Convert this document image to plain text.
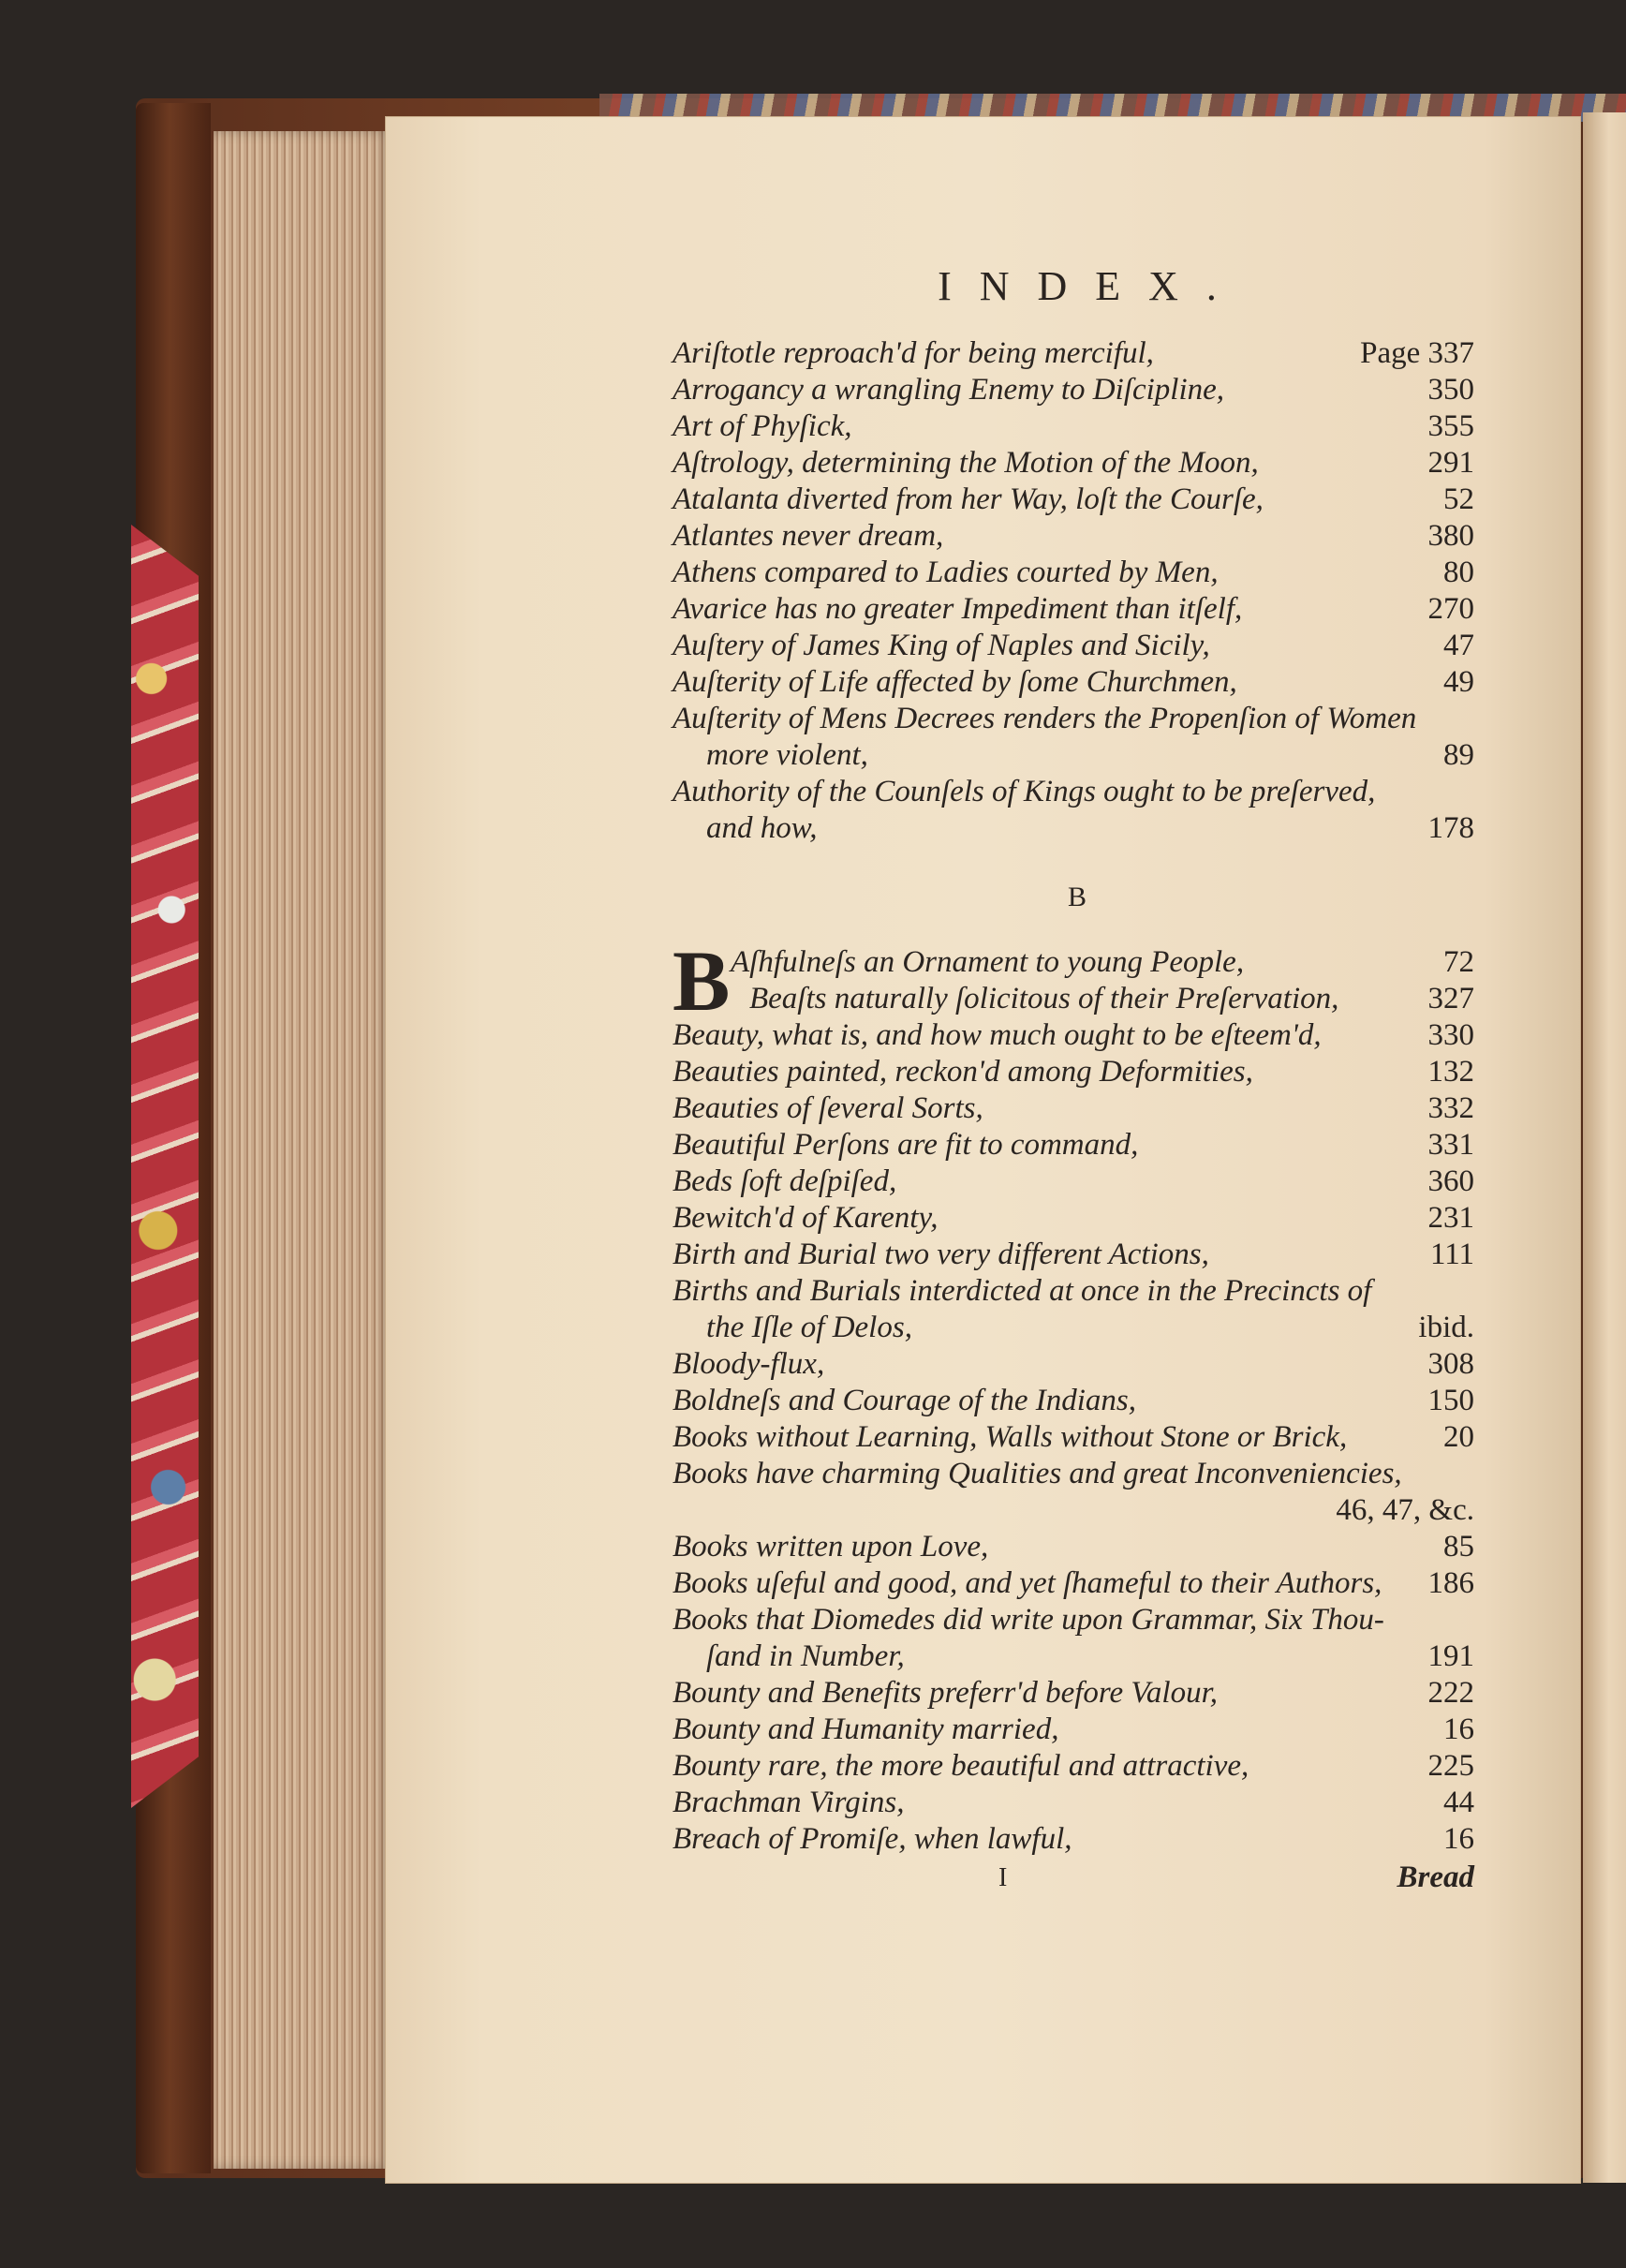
INDEX.
Ariſtotle reproach'd for being merciful,	Page 337
Arrogancy a wrangling Enemy to Diſcipline,	350
Art of Phyſick,	355
Aſtrology, determining the Motion of the Moon,	291
Atalanta diverted from her Way, loſt the Courſe,	52
Atlantes never dream,	380
Athens compared to Ladies courted by Men,	80
Avarice has no greater Impediment than itſelf,	270
Auſtery of James King of Naples and Sicily,	47
Auſterity of Life affected by ſome Churchmen,	49
Auſterity of Mens Decrees renders the Propenſion of Women
more violent,	89
Authority of the Counſels of Kings ought to be preſerved,
and how,	178
B
B Aſhfulneſs an Ornament to young People,	72
Beaſts naturally ſolicitous of their Preſervation,	327
Beauty, what is, and how much ought to be eſteem'd,	330
Beauties painted, reckon'd among Deformities,	132
Beauties of ſeveral Sorts,	332
Beautiful Perſons are fit to command,	331
Beds ſoft deſpiſed,	360
Bewitch'd of Karenty,	231
Birth and Burial two very different Actions,	111
Births and Burials interdicted at once in the Precincts of
the Iſle of Delos,	ibid.
Bloody-flux,	308
Boldneſs and Courage of the Indians,	150
Books without Learning, Walls without Stone or Brick,	20
Books have charming Qualities and great Inconveniencies,
46, 47, &c.
Books written upon Love,	85
Books uſeful and good, and yet ſhameful to their Authors, 186
Books that Diomedes did write upon Grammar, Six Thou-
ſand in Number,	191
Bounty and Benefits preferr'd before Valour,	222
Bounty and Humanity married,	16
Bounty rare, the more beautiful and attractive,	225
Brachman Virgins,	44
Breach of Promiſe, when lawful,	16
I	Bread
